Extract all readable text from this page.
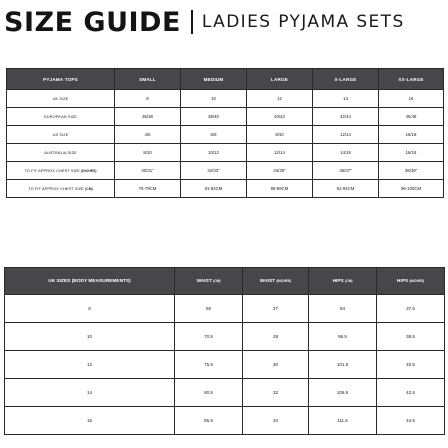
SIZE GUIDE LADIES PYJAMA SETS
PYJAMA TOPS	SMALL	MEDIUM	LARGE	X-LARGE	XX-LARGE
UK SIZE	8	10	12	14	16
EUROPEAN SIZE	36/38	38/40	40/42	42/44	46/48
US SIZE	4/6	6/8	8/10	12/14	16/18
AUSTRALIA SIZE	8/10	10/12	12/14	14/16	16/18
TO FIT APPROX CHEST SIZE (INCHES)	30/31"	32/33"	34/35"	36/37"	38/39"
TO FIT APPROX CHEST SIZE (CM)	76-79CM	81-84CM	86-89CM	91-94CM	96-100CM
UK SIZES (BODY MEASUREMENTS)	WAIST (CM)	WAIST (INCHES)	HIPS (CM)	HIPS (INCHES)
8	68	27	94	37.5
10	70.5	28	96.5	38.5
12	75.5	30	101.5	40.5
14	80.5	32	106.5	42.5
16	85.5	34	111.5	44.5
